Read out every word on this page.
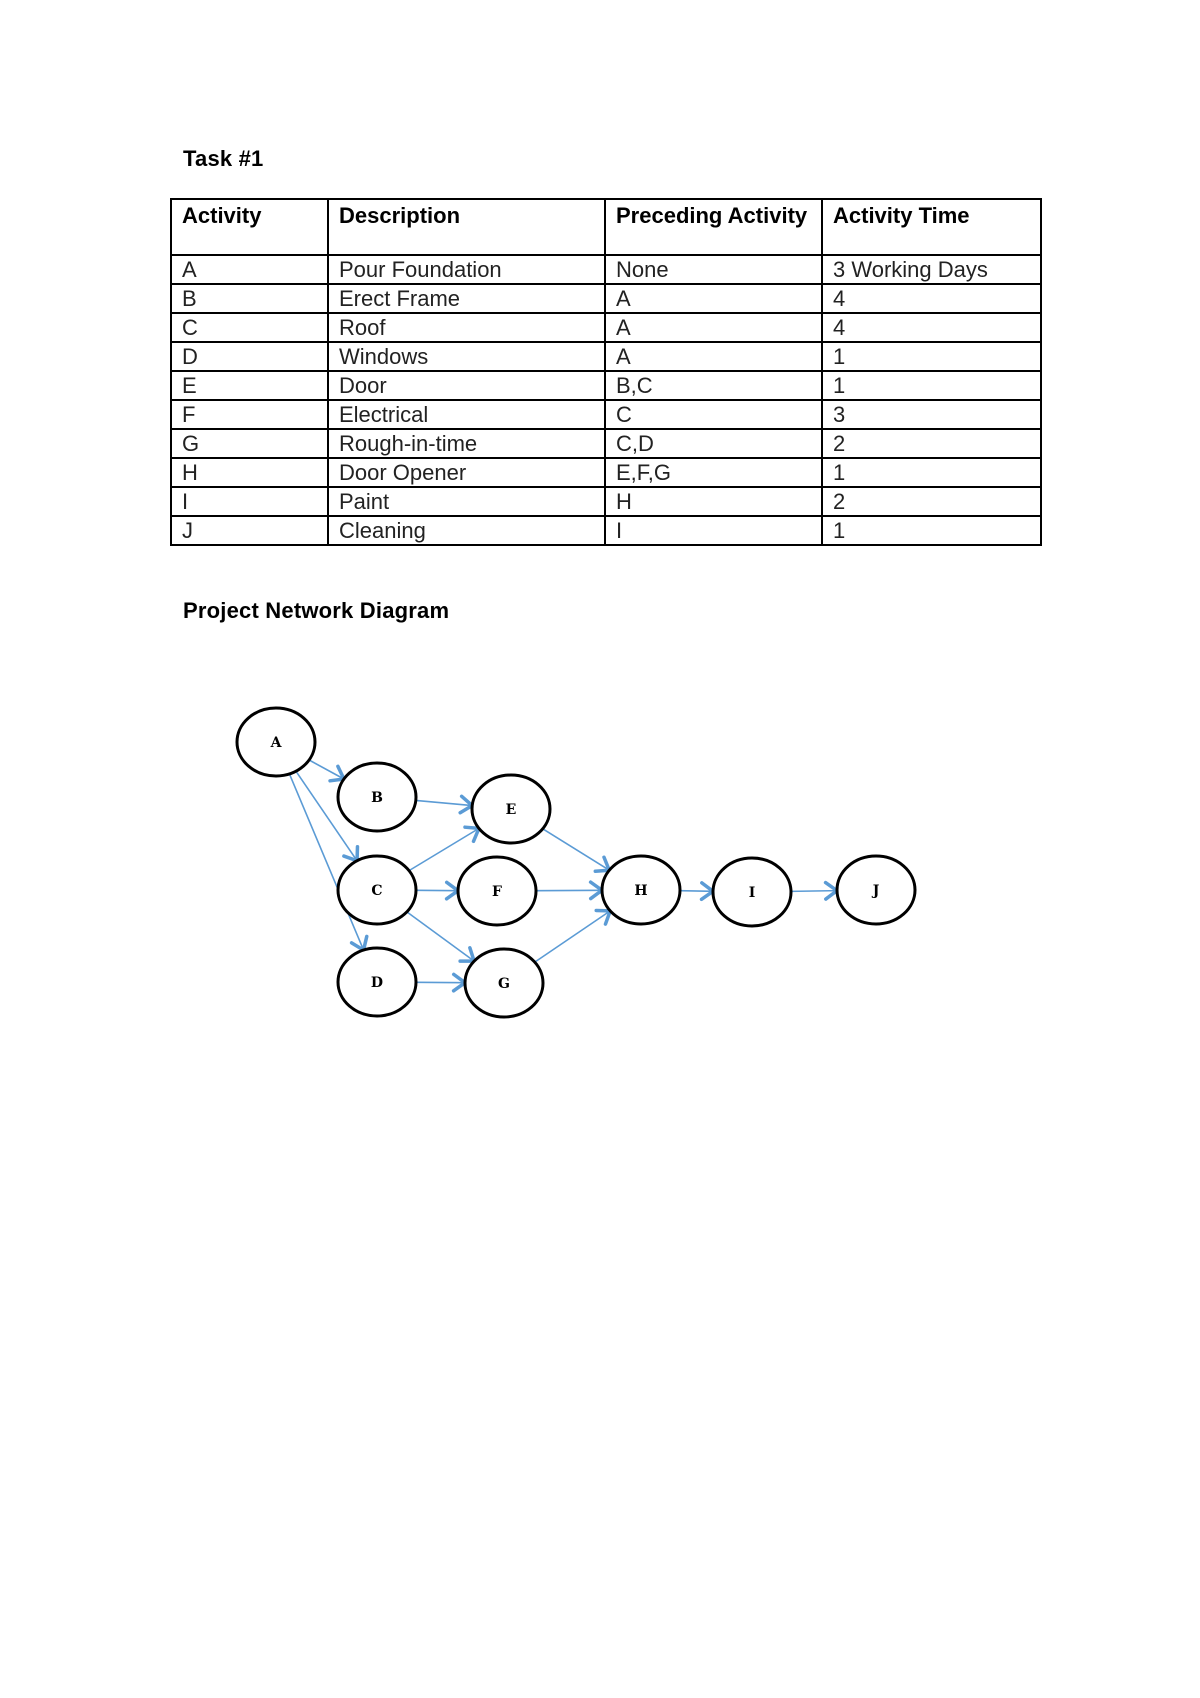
Task #1
Activity	Description	Preceding Activity	Activity Time
A	Pour Foundation	None	3 Working Days
B	Erect Frame	A	4
C	Roof	A	4
D	Windows	A	1
E	Door	B,C	1
F	Electrical	C	3
G	Rough-in-time	C,D	2
H	Door Opener	E,F,G	1
I	Paint	H	2
J	Cleaning	I	1
Project Network Diagram
A
B
C
D
E
F
G
H	I	J
